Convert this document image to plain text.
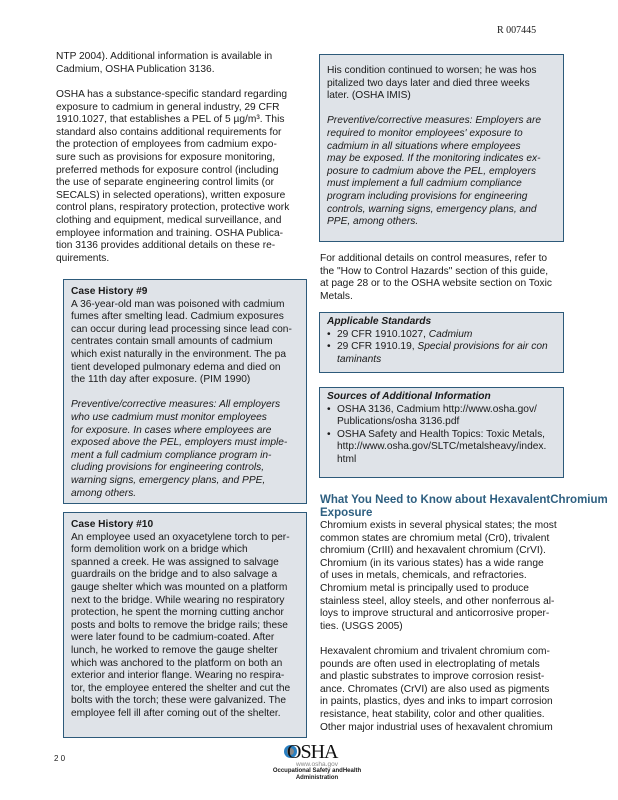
R 007445
NTP 2004). Additional information is available in
Cadmium, OSHA Publication 3136.
OSHA has a substance-specific standard regarding
exposure to cadmium in general industry, 29 CFR
1910.1027, that establishes a PEL of 5 µg/m³. This
standard also contains additional requirements for
the protection of employees from cadmium expo-
sure such as provisions for exposure monitoring,
preferred methods for exposure control (including
the use of separate engineering control limits (or
SECALS) in selected operations), written exposure
control plans, respiratory protection, protective work
clothing and equipment, medical surveillance, and
employee information and training. OSHA Publica-
tion 3136 provides additional details on these re-
quirements.
Case History #9
A 36-year-old man was poisoned with cadmium
fumes after smelting lead. Cadmium exposures
can occur during lead processing since lead con-
centrates contain small amounts of cadmium
which exist naturally in the environment. The pa
tient developed pulmonary edema and died on
the 11th day after exposure. (PIM 1990)
Preventive/corrective measures: All employers
who use cadmium must monitor employees
for exposure. In cases where employees are
exposed above the PEL, employers must imple-
ment a full cadmium compliance program in-
cluding provisions for engineering controls,
warning signs, emergency plans, and PPE,
among others.
Case History #10
An employee used an oxyacetylene torch to per-
form demolition work on a bridge which
spanned a creek. He was assigned to salvage
guardrails on the bridge and to also salvage a
gauge shelter which was mounted on a platform
next to the bridge. While wearing no respiratory
protection, he spent the morning cutting anchor
posts and bolts to remove the bridge rails; these
were later found to be cadmium-coated. After
lunch, he worked to remove the gauge shelter
which was anchored to the platform on both an
exterior and interior flange. Wearing no respira-
tor, the employee entered the shelter and cut the
bolts with the torch; these were galvanized. The
employee fell ill after coming out of the shelter.
His condition continued to worsen; he was hos
pitalized two days later and died three weeks
later. (OSHA IMIS)
Preventive/corrective measures: Employers are
required to monitor employees' exposure to
cadmium in all situations where employees
may be exposed. If the monitoring indicates ex-
posure to cadmium above the PEL, employers
must implement a full cadmium compliance
program including provisions for engineering
controls, warning signs, emergency plans, and
PPE, among others.
For additional details on control measures, refer to
the "How to Control Hazards" section of this guide,
at page 28 or to the OSHA website section on Toxic
Metals.
Applicable Standards
• 29 CFR 1910.1027, Cadmium
• 29 CFR 1910.19, Special provisions for air con
taminants
Sources of Additional Information
• OSHA 3136, Cadmium http://www.osha.gov/
Publications/osha 3136.pdf
• OSHA Safety and Health Topics: Toxic Metals,
http://www.osha.gov/SLTC/metalsheavy/index.
html
What You Need to Know about HexavalentChromium Exposure
Chromium exists in several physical states; the most
common states are chromium metal (Cr0), trivalent
chromium (CrIII) and hexavalent chromium (CrVI).
Chromium (in its various states) has a wide range
of uses in metals, chemicals, and refractories.
Chromium metal is principally used to produce
stainless steel, alloy steels, and other nonferrous al-
loys to improve structural and anticorrosive proper-
ties. (USGS 2005)
Hexavalent chromium and trivalent chromium com-
pounds are often used in electroplating of metals
and plastic substrates to improve corrosion resist-
ance. Chromates (CrVI) are also used as pigments
in paints, plastics, dyes and inks to impart corrosion
resistance, heat stability, color and other qualities.
Other major industrial uses of hexavalent chromium
2 0	OSHA
www.osha.gov
Occupational Safety andHealth Administration
